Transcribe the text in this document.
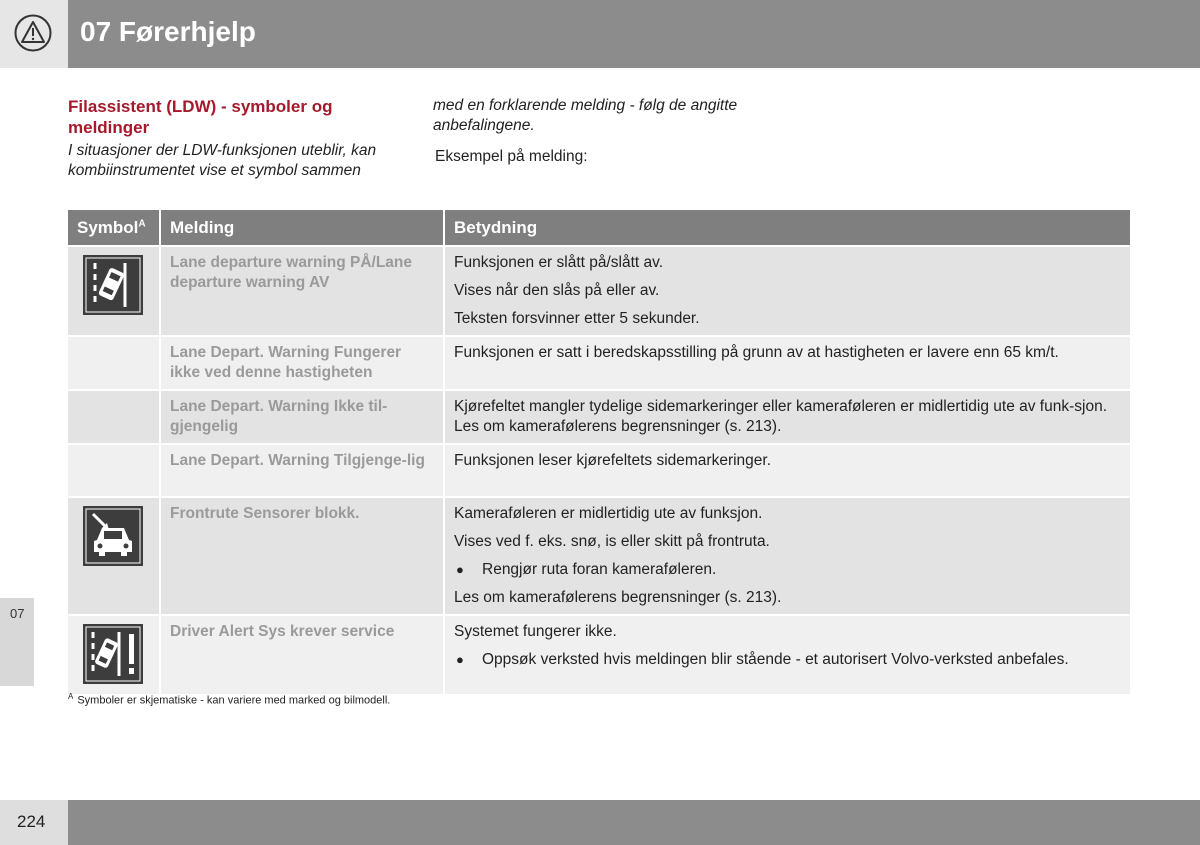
07 Førerhjelp
07
Filassistent (LDW) - symboler og meldinger
I situasjoner der LDW-funksjonen uteblir, kan kombiinstrumentet vise et symbol sammen
med en forklarende melding - følg de angitte anbefalingene.
Eksempel på melding:
Symbol$^A$	Melding	Betydning

	Lane departure warning PÅ/Lane departure warning AV	Funksjonen er slått på/slått av.

Vises når den slås på eller av.

Teksten forsvinner etter 5 sekunder.

	Lane Depart. Warning Fungerer ikke ved denne hastigheten	Funksjonen er satt i beredskapsstilling på grunn av at hastigheten er lavere enn 65 km/t.

	Lane Depart. Warning Ikke til-gjengelig	Kjørefeltet mangler tydelige sidemarkeringer eller kameraføleren er midlertidig ute av funk-sjon. Les om kamerafølerens begrensninger (s. 213).

	Lane Depart. Warning Tilgjenge-lig	Funksjonen leser kjørefeltets sidemarkeringer.

	Frontrute Sensorer blokk.	Kameraføleren er midlertidig ute av funksjon.

Vises ved f. eks. snø, is eller skitt på frontruta.

● Rengjør ruta foran kameraføleren.

Les om kamerafølerens begrensninger (s. 213).

	Driver Alert Sys krever service	Systemet fungerer ikke.

● Oppsøk verksted hvis meldingen blir stående - et autorisert Volvo-verksted anbefales.

$^A$ Symboler er skjematiske - kan variere med marked og bilmodell.
224
